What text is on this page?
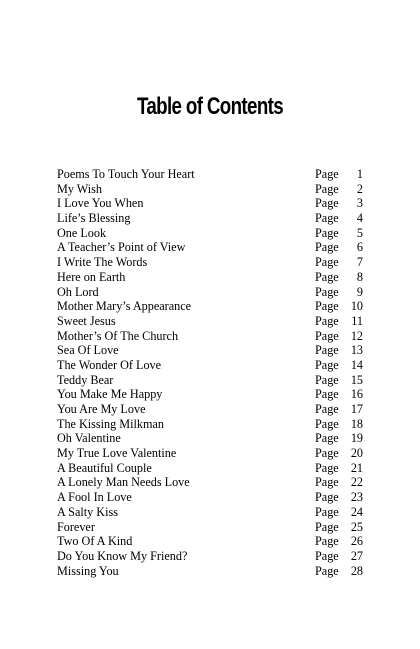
Table of Contents
Poems To Touch Your Heart	Page	1
My Wish	Page	2
I Love You When	Page	3
Life’s Blessing	Page	4
One Look	Page	5
A Teacher’s Point of View	Page	6
I Write The Words	Page	7
Here on Earth	Page	8
Oh Lord	Page	9
Mother Mary’s Appearance	Page 10
Sweet Jesus	Page	11
Mother’s Of The Church	Page 12
Sea Of Love	Page 13
The Wonder Of Love	Page 14
Teddy Bear	Page 15
You Make Me Happy	Page 16
You Are My Love	Page 17
The Kissing Milkman	Page 18
Oh Valentine	Page 19
My True Love Valentine	Page 20
A Beautiful Couple	Page 21
A Lonely Man Needs Love	Page 22
A Fool In Love	Page 23
A Salty Kiss	Page 24
Forever	Page 25
Two Of A Kind	Page 26
Do You Know My Friend?	Page 27
Missing You	Page 28
